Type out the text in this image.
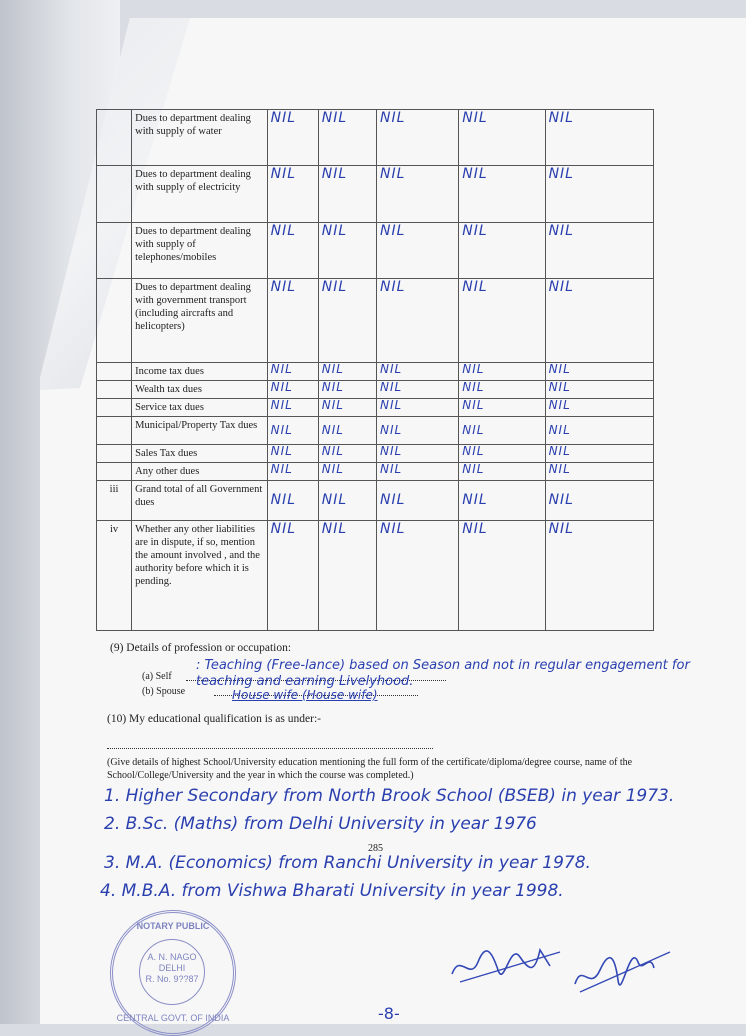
	Dues to department dealing with supply of water	NIL	NIL	NIL	NIL	NIL
	Dues to department dealing with supply of electricity	NIL	NIL	NIL	NIL	NIL
	Dues to department dealing with supply of telephones/mobiles	NIL	NIL	NIL	NIL	NIL
	Dues to department dealing with government transport (including aircrafts and helicopters)	NIL	NIL	NIL	NIL	NIL
	Income tax dues	NIL	NIL	NIL	NIL	NIL
	Wealth tax dues	NIL	NIL	NIL	NIL	NIL
	Service tax dues	NIL	NIL	NIL	NIL	NIL
	Municipal/Property Tax dues	NIL	NIL	NIL	NIL	NIL
	Sales Tax dues	NIL	NIL	NIL	NIL	NIL
	Any other dues	NIL	NIL	NIL	NIL	NIL
iii	Grand total of all Government dues	NIL	NIL	NIL	NIL	NIL
iv	Whether any other liabilities are in dispute, if so, mention the amount involved , and the authority before which it is pending.	NIL	NIL	NIL	NIL	NIL
(9) Details of profession or occupation:
(a) Self
(b) Spouse
: Teaching (Free-lance) based on Season and not in regular engagement for teaching and earning Livelyhood.
House wife (House wife)
(10) My educational qualification is as under:-
(Give details of highest School/University education mentioning the full form of the certificate/diploma/degree course, name of the School/College/University and the year in which the course was completed.)
1. Higher Secondary from North Brook School (BSEB) in year 1973.
2. B.Sc. (Maths) from Delhi University in year 1976
285
3. M.A. (Economics) from Ranchi University in year 1978.
4. M.B.A. from Vishwa Bharati University in year 1998.
NOTARY PUBLIC
A. N. NAGO
DELHI
R. No. 9??87
CENTRAL GOVT. OF INDIA	-8-
